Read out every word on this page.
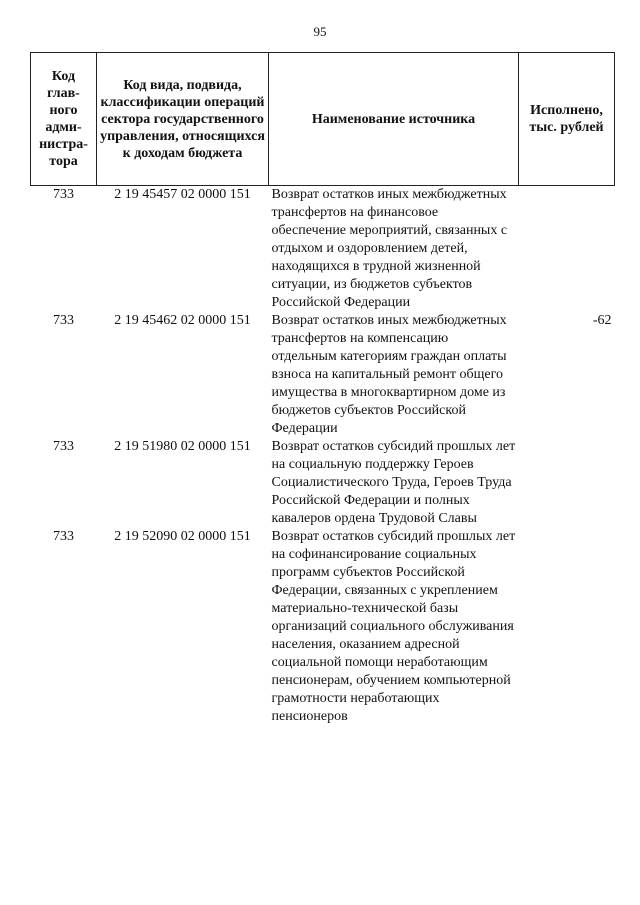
95
Код глав-ного адми-нистра-тора	Код вида, подвида, классификации операций сектора государственного управления, относящихся к доходам бюджета	Наименование источника	Исполнено, тыс. рублей
733	2 19 45457 02 0000 151	Возврат остатков иных межбюджетных трансфертов на финансовое обеспечение мероприятий, связанных с отдыхом и оздоровлением детей, находящихся в трудной жизненной ситуации, из бюджетов субъектов Российской Федерации	
733	2 19 45462 02 0000 151	Возврат остатков иных межбюджетных трансфертов на компенсацию отдельным категориям граждан оплаты взноса на капитальный ремонт общего имущества в многоквартирном доме из бюджетов субъектов Российской Федерации	-62
733	2 19 51980 02 0000 151	Возврат остатков субсидий прошлых лет на социальную поддержку Героев Социалистического Труда, Героев Труда Российской Федерации и полных кавалеров ордена Трудовой Славы	
733	2 19 52090 02 0000 151	Возврат остатков субсидий прошлых лет на софинансирование социальных программ субъектов Российской Федерации, связанных с укреплением материально-технической базы организаций социального обслуживания населения, оказанием адресной социальной помощи неработающим пенсионерам, обучением компьютерной грамотности неработающих пенсионеров	
